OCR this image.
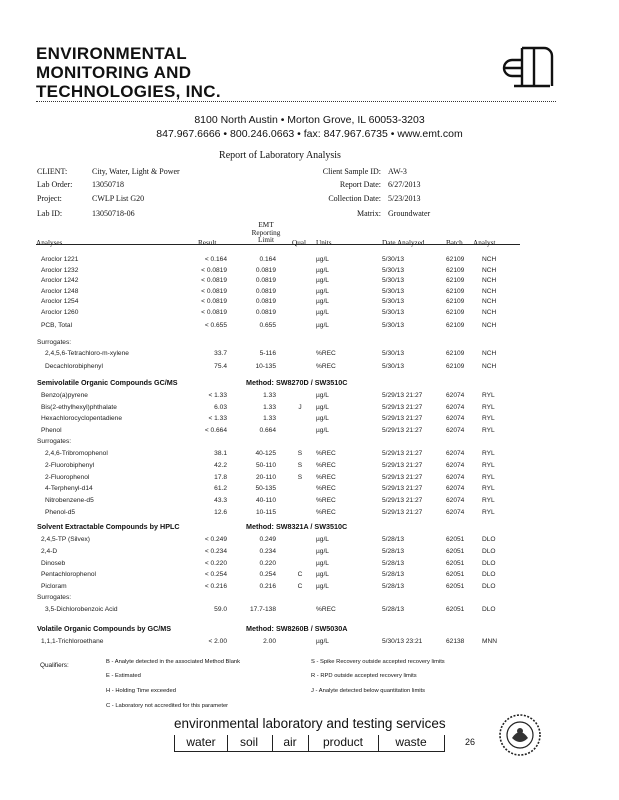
ENVIRONMENTAL
MONITORING AND
TECHNOLOGIES, INC.
8100 North Austin • Morton Grove, IL 60053-3203
847.967.6666 • 800.246.0663 • fax: 847.967.6735 • www.emt.com
Report of Laboratory Analysis
CLIENT:	City, Water, Light & Power
Lab Order: 13050718
Project:	CWLP List G20
Lab ID:	13050718-06
Client Sample ID: AW-3
Report Date: 6/27/2013
Collection Date: 5/23/2013
Matrix: Groundwater
Analyses	Result
EMT
Reporting
Limit	Qual Units	Date Analyzed	Batch Analyst
Aroclor 1221	< 0.164	0.164	µg/L	5/30/13	62109	NCH
Aroclor 1232	< 0.0819	0.0819	µg/L	5/30/13	62109	NCH
Aroclor 1242	< 0.0819	0.0819	µg/L	5/30/13	62109	NCH
Aroclor 1248	< 0.0819	0.0819	µg/L	5/30/13	62109	NCH
Aroclor 1254	< 0.0819	0.0819	µg/L	5/30/13	62109	NCH
Aroclor 1260	< 0.0819	0.0819	µg/L	5/30/13	62109	NCH
PCB, Total	< 0.655	0.655	µg/L	5/30/13	62109	NCH
Surrogates:
2,4,5,6-Tetrachloro-m-xylene	33.7	5-116	%REC	5/30/13	62109	NCH
Decachlorobiphenyl	75.4	10-135	%REC	5/30/13	62109	NCH
Semivolatile Organic Compounds GC/MS	Method: SW8270D / SW3510C
Benzo(a)pyrene	< 1.33	1.33	µg/L	5/29/13 21:27	62074	RYL
Bis(2-ethylhexyl)phthalate	6.03	1.33	J	µg/L	5/29/13 21:27	62074	RYL
Hexachlorocyclopentadiene	< 1.33	1.33	µg/L	5/29/13 21:27	62074	RYL
Phenol	< 0.664	0.664	µg/L	5/29/13 21:27	62074	RYL
Surrogates:
2,4,6-Tribromophenol	38.1	40-125	S	%REC	5/29/13 21:27	62074	RYL
2-Fluorobiphenyl	42.2	50-110	S	%REC	5/29/13 21:27	62074	RYL
2-Fluorophenol	17.8	20-110	S	%REC	5/29/13 21:27	62074	RYL
4-Terphenyl-d14	61.2	50-135	%REC	5/29/13 21:27	62074	RYL
Nitrobenzene-d5	43.3	40-110	%REC	5/29/13 21:27	62074	RYL
Phenol-d5	12.6	10-115	%REC	5/29/13 21:27	62074	RYL
Solvent Extractable Compounds by HPLC	Method: SW8321A / SW3510C
2,4,5-TP (Silvex)	< 0.249	0.249	µg/L	5/28/13	62051	DLO
2,4-D	< 0.234	0.234	µg/L	5/28/13	62051	DLO
Dinoseb	< 0.220	0.220	µg/L	5/28/13	62051	DLO
Pentachlorophenol	< 0.254	0.254	C	µg/L	5/28/13	62051	DLO
Picloram	< 0.216	0.216	C	µg/L	5/28/13	62051	DLO
Surrogates:
3,5-Dichlorobenzoic Acid	59.0	17.7-138	%REC	5/28/13	62051	DLO
Volatile Organic Compounds by GC/MS	Method: SW8260B / SW5030A
1,1,1-Trichloroethane	< 2.00	2.00	µg/L	5/30/13 23:21	62138	MNN
Qualifiers:	B - Analyte detected in the associated Method Blank
E - Estimated
H - Holding Time exceeded
C - Laboratory not accredited for this parameter
S - Spike Recovery outside accepted recovery limits
R - RPD outside accepted recovery limits
J - Analyte detected below quantitation limits
environmental laboratory and testing services
water	soil	air	product	waste	26
